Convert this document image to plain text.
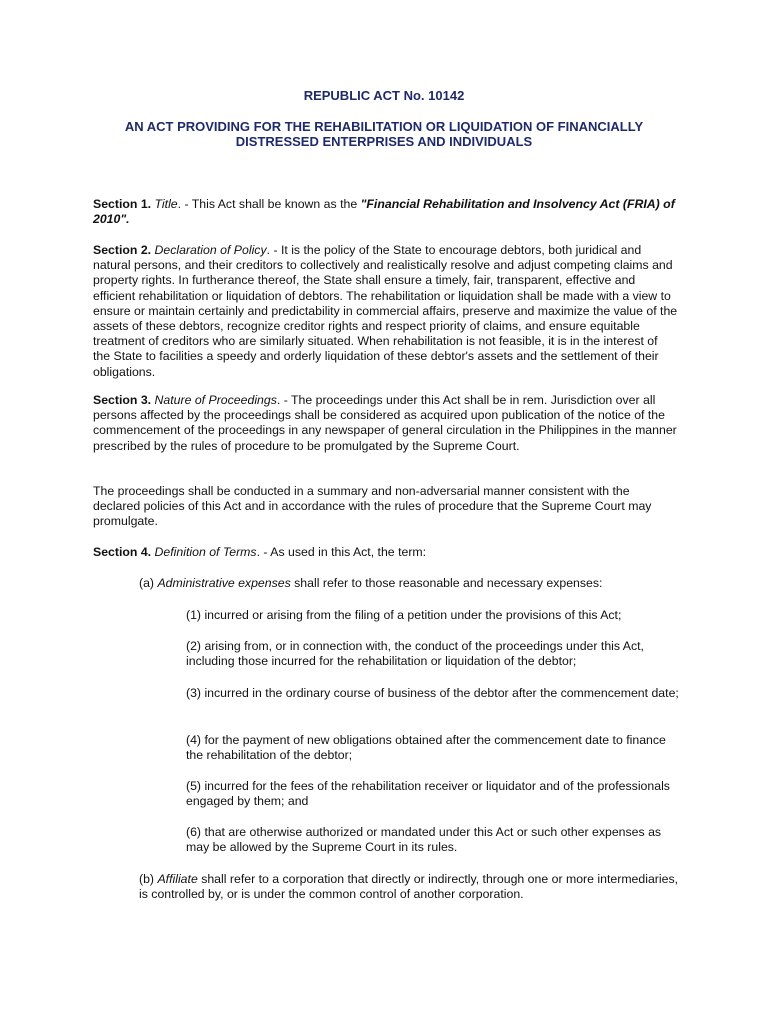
REPUBLIC ACT No. 10142
AN ACT PROVIDING FOR THE REHABILITATION OR LIQUIDATION OF FINANCIALLY
DISTRESSED ENTERPRISES AND INDIVIDUALS

Section 1. Title. - This Act shall be known as the "Financial Rehabilitation and Insolvency Act (FRIA) of 2010".

Section 2. Declaration of Policy. - It is the policy of the State to encourage debtors, both juridical and natural persons, and their creditors to collectively and realistically resolve and adjust competing claims and property rights. In furtherance thereof, the State shall ensure a timely, fair, transparent, effective and efficient rehabilitation or liquidation of debtors. The rehabilitation or liquidation shall be made with a view to ensure or maintain certainly and predictability in commercial affairs, preserve and maximize the value of the assets of these debtors, recognize creditor rights and respect priority of claims, and ensure equitable treatment of creditors who are similarly situated. When rehabilitation is not feasible, it is in the interest of the State to facilities a speedy and orderly liquidation of these debtor's assets and the settlement of their obligations.

Section 3. Nature of Proceedings. - The proceedings under this Act shall be in rem. Jurisdiction over all persons affected by the proceedings shall be considered as acquired upon publication of the notice of the commencement of the proceedings in any newspaper of general circulation in the Philippines in the manner prescribed by the rules of procedure to be promulgated by the Supreme Court.

The proceedings shall be conducted in a summary and non-adversarial manner consistent with the declared policies of this Act and in accordance with the rules of procedure that the Supreme Court may promulgate.

Section 4. Definition of Terms. - As used in this Act, the term:

(a) Administrative expenses shall refer to those reasonable and necessary expenses:

(1) incurred or arising from the filing of a petition under the provisions of this Act;

(2) arising from, or in connection with, the conduct of the proceedings under this Act, including those incurred for the rehabilitation or liquidation of the debtor;

(3) incurred in the ordinary course of business of the debtor after the commencement date;

(4) for the payment of new obligations obtained after the commencement date to finance the rehabilitation of the debtor;

(5) incurred for the fees of the rehabilitation receiver or liquidator and of the professionals engaged by them; and

(6) that are otherwise authorized or mandated under this Act or such other expenses as may be allowed by the Supreme Court in its rules.

(b) Affiliate shall refer to a corporation that directly or indirectly, through one or more intermediaries, is controlled by, or is under the common control of another corporation.
